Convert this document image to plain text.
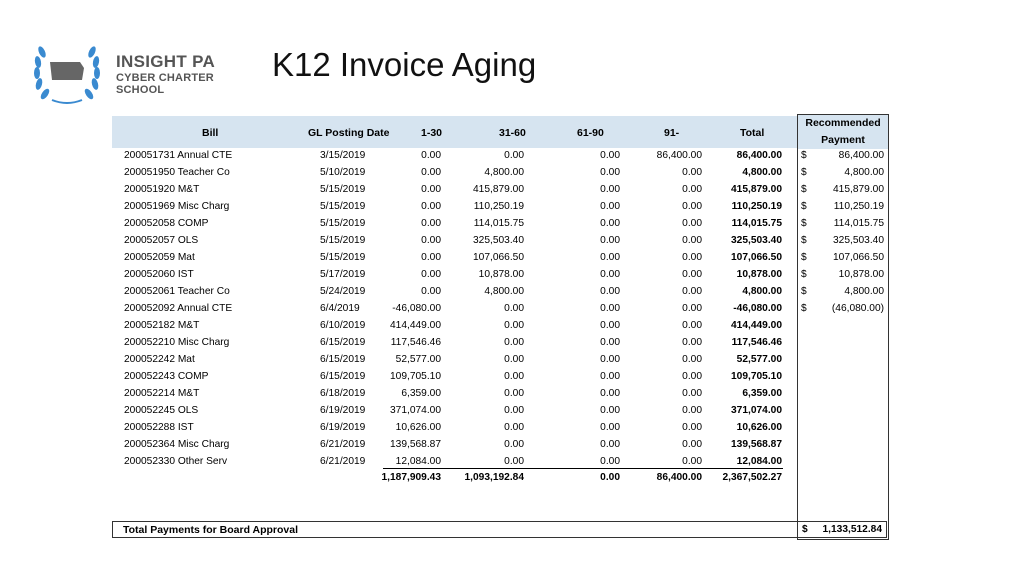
INSIGHT PA
CYBER CHARTER SCHOOL
K12 Invoice Aging
Bill	GL Posting Date	1-30	31-60	61-90	91-	Total
Recommended
Payment
200051731 Annual CTE	3/15/2019	0.00	0.00	0.00	86,400.00	86,400.00 $	86,400.00
200051950 Teacher Co	5/10/2019	0.00	4,800.00	0.00	0.00	4,800.00 $	4,800.00
200051920 M&T	5/15/2019	0.00	415,879.00	0.00	0.00	415,879.00 $	415,879.00
200051969 Misc Charg	5/15/2019	0.00	110,250.19	0.00	0.00	110,250.19 $	110,250.19
200052058 COMP	5/15/2019	0.00	114,015.75	0.00	0.00	114,015.75 $	114,015.75
200052057 OLS	5/15/2019	0.00	325,503.40	0.00	0.00	325,503.40 $	325,503.40
200052059 Mat	5/15/2019	0.00	107,066.50	0.00	0.00	107,066.50 $	107,066.50
200052060 IST	5/17/2019	0.00	10,878.00	0.00	0.00	10,878.00 $	10,878.00
200052061 Teacher Co	5/24/2019	0.00	4,800.00	0.00	0.00	4,800.00 $	4,800.00
200052092 Annual CTE	6/4/2019	-46,080.00	0.00	0.00	0.00	-46,080.00 $ (46,080.00)
200052182 M&T	6/10/2019 414,449.00	0.00	0.00	0.00	414,449.00
200052210 Misc Charg	6/15/2019 117,546.46	0.00	0.00	0.00	117,546.46
200052242 Mat	6/15/2019	52,577.00	0.00	0.00	0.00	52,577.00
200052243 COMP	6/15/2019 109,705.10	0.00	0.00	0.00	109,705.10
200052214 M&T	6/18/2019	6,359.00	0.00	0.00	0.00	6,359.00
200052245 OLS	6/19/2019 371,074.00	0.00	0.00	0.00	371,074.00
200052288 IST	6/19/2019	10,626.00	0.00	0.00	0.00	10,626.00
200052364 Misc Charg	6/21/2019 139,568.87	0.00	0.00	0.00	139,568.87
200052330 Other Serv	6/21/2019	12,084.00	0.00	0.00	0.00	12,084.00
1,187,909.43 1,093,192.84	0.00	86,400.00 2,367,502.27
Total Payments for Board Approval	$ 1,133,512.84
